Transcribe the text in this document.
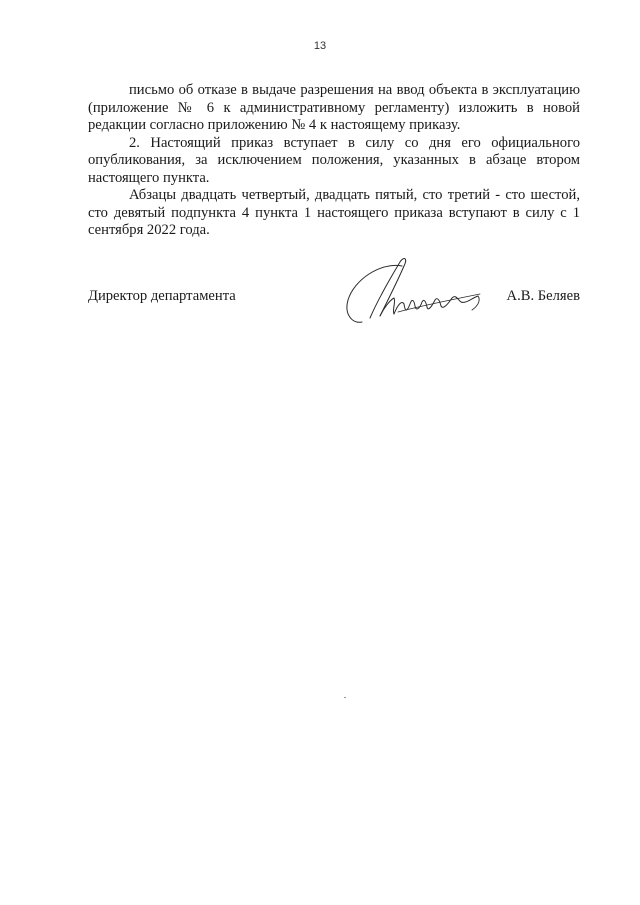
13

письмо об отказе в выдаче разрешения на ввод объекта в эксплуатацию (приложение № 6 к административному регламенту) изложить в новой редакции согласно приложению № 4 к настоящему приказу.

2. Настоящий приказ вступает в силу со дня его официального опубликования, за исключением положения, указанных в абзаце втором настоящего пункта.

Абзацы двадцать четвертый, двадцать пятый, сто третий - сто шестой, сто девятый подпункта 4 пункта 1 настоящего приказа вступают в силу с 1 сентября 2022 года.

Директор департамента	А.В. Беляев
